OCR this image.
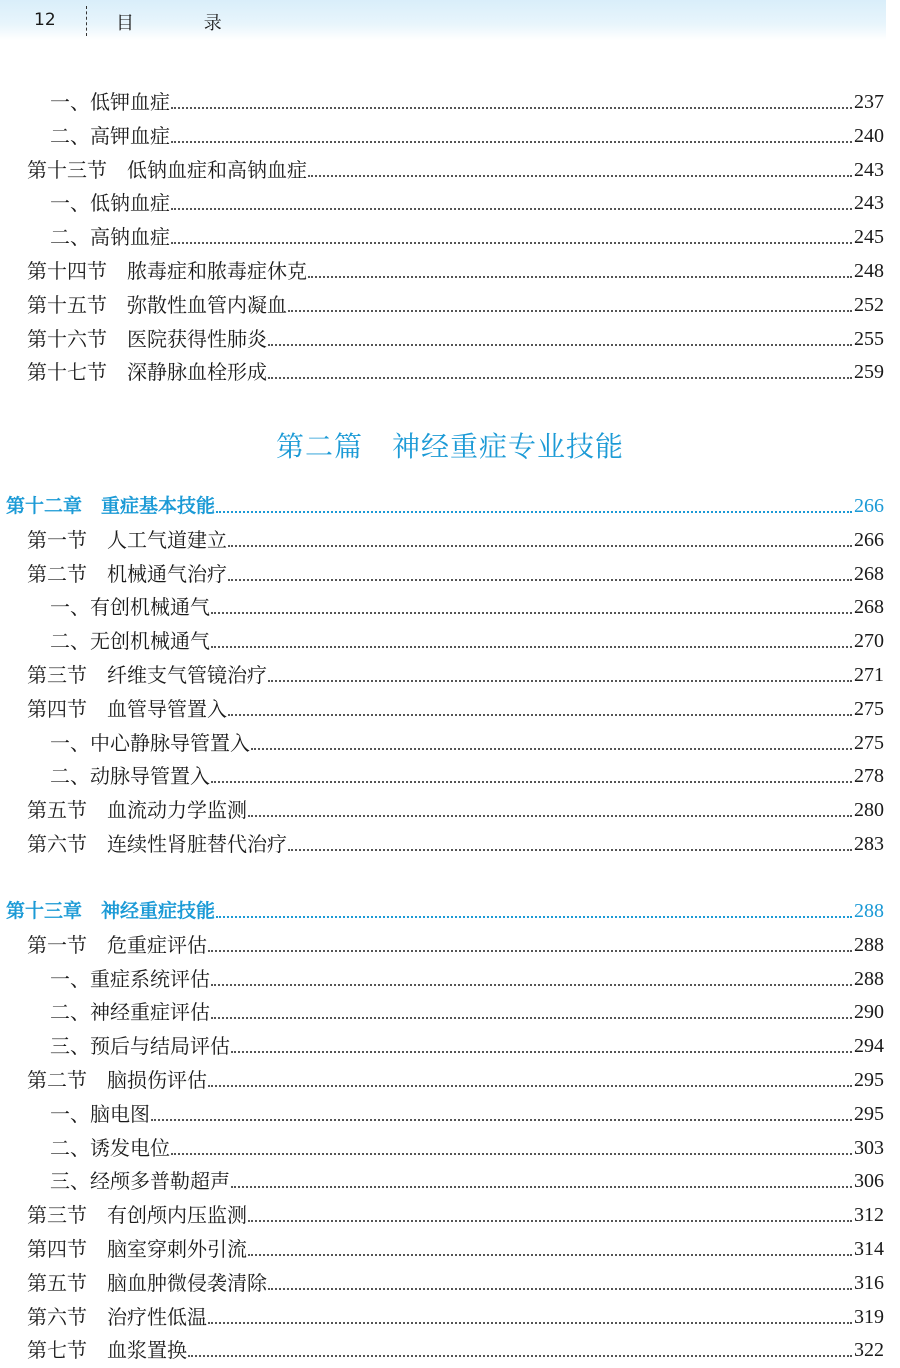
12	目 录
一、低钾血症	237
二、高钾血症	240
第十三节　低钠血症和高钠血症	243
一、低钠血症	243
二、高钠血症	245
第十四节　脓毒症和脓毒症休克	248
第十五节　弥散性血管内凝血	252
第十六节　医院获得性肺炎	255
第十七节　深静脉血栓形成	259
第十二章　重症基本技能	266
第一节　人工气道建立	266
第二节　机械通气治疗	268
一、有创机械通气	268
二、无创机械通气	270
第三节　纤维支气管镜治疗	271
第四节　血管导管置入	275
一、中心静脉导管置入	275
二、动脉导管置入	278
第五节　血流动力学监测	280
第六节　连续性肾脏替代治疗	283
第十三章　神经重症技能	288
第一节　危重症评估	288
一、重症系统评估	288
二、神经重症评估	290
三、预后与结局评估	294
第二节　脑损伤评估	295
一、脑电图	295
二、诱发电位	303
三、经颅多普勒超声	306
第三节　有创颅内压监测	312
第四节　脑室穿刺外引流	314
第五节　脑血肿微侵袭清除	316
第六节　治疗性低温	319
第七节　血浆置换	322
第二篇　神经重症专业技能
